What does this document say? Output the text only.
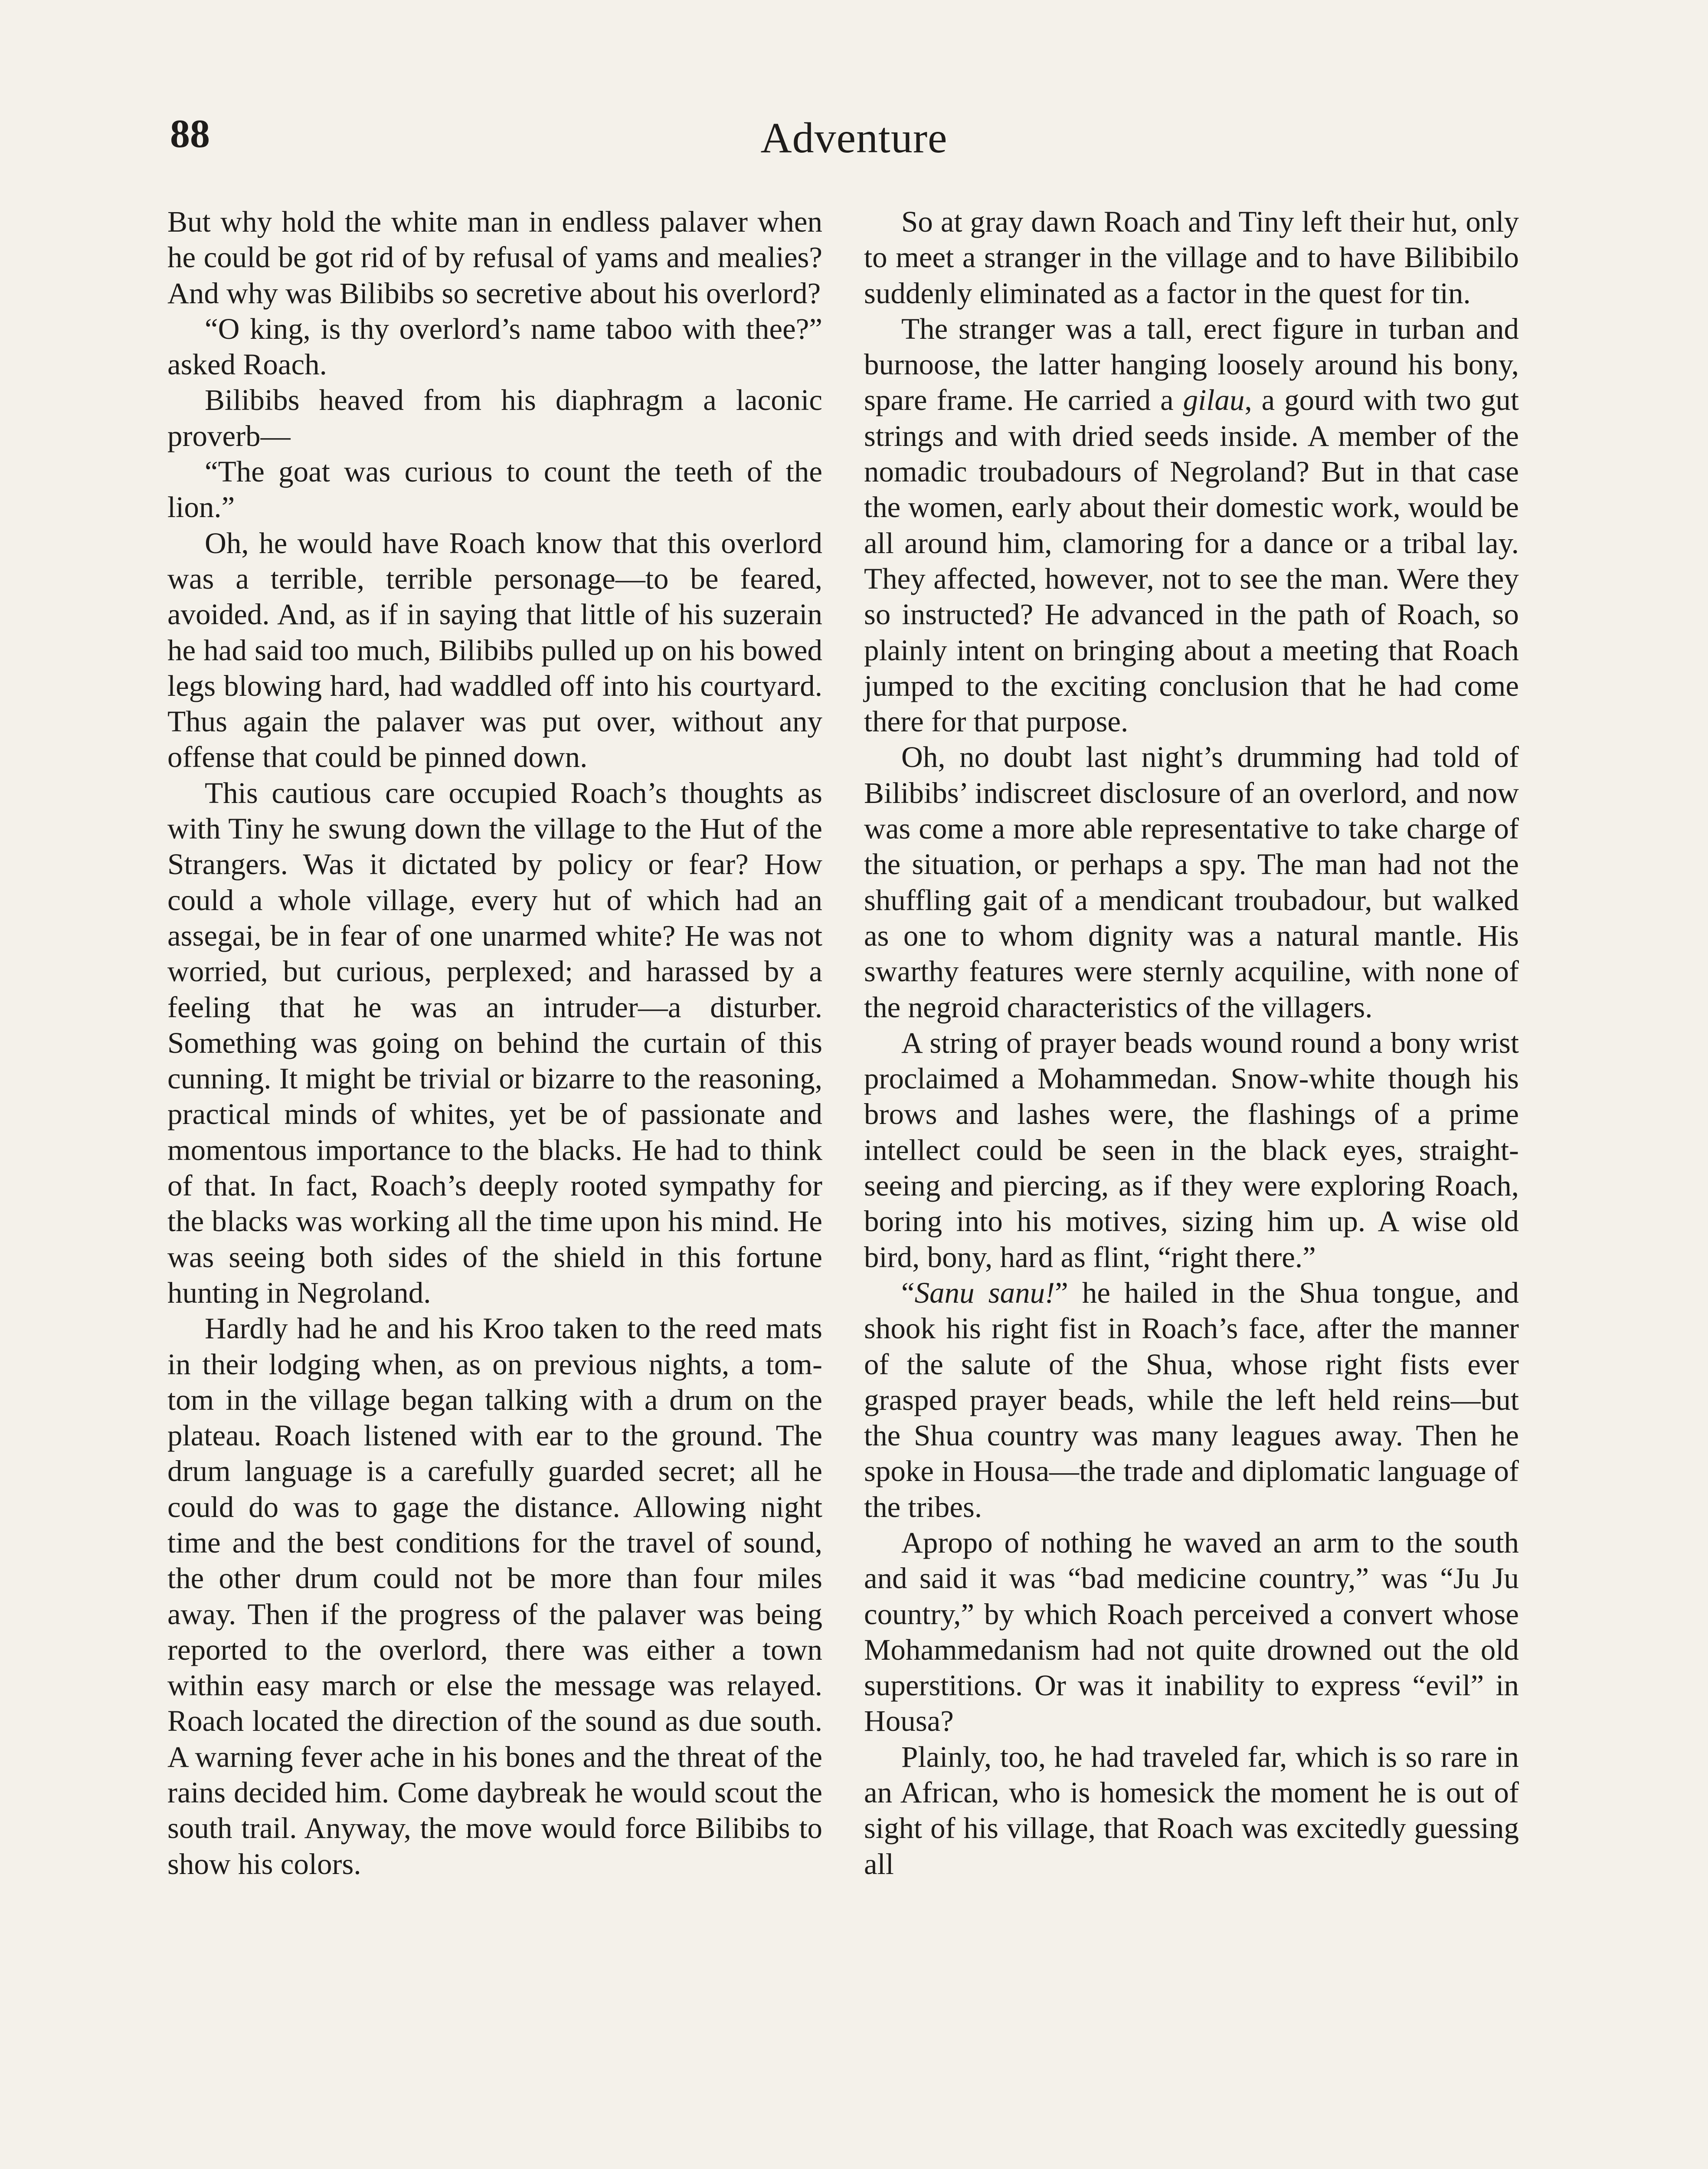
88	Adventure

But why hold the white man in endless palaver when he could be got rid of by refusal of yams and mealies? And why was Bilibibs so secretive about his overlord?

“O king, is thy overlord’s name taboo with thee?” asked Roach.

Bilibibs heaved from his diaphragm a laconic proverb—

“The goat was curious to count the teeth of the lion.”

Oh, he would have Roach know that this overlord was a terrible, terrible personage—to be feared, avoided. And, as if in saying that little of his suzerain he had said too much, Bilibibs pulled up on his bowed legs blowing hard, had waddled off into his courtyard. Thus again the palaver was put over, without any offense that could be pinned down.

This cautious care occupied Roach’s thoughts as with Tiny he swung down the village to the Hut of the Strangers. Was it dictated by policy or fear? How could a whole village, every hut of which had an assegai, be in fear of one unarmed white? He was not worried, but curious, perplexed; and harassed by a feeling that he was an intruder—a disturber. Something was going on behind the curtain of this cunning. It might be trivial or bizarre to the reasoning, practical minds of whites, yet be of passionate and momentous importance to the blacks. He had to think of that. In fact, Roach’s deeply rooted sympathy for the blacks was working all the time upon his mind. He was seeing both sides of the shield in this fortune hunting in Negroland.

Hardly had he and his Kroo taken to the reed mats in their lodging when, as on previous nights, a tom-tom in the village began talking with a drum on the plateau. Roach listened with ear to the ground. The drum language is a carefully guarded secret; all he could do was to gage the distance. Allowing night time and the best conditions for the travel of sound, the other drum could not be more than four miles away. Then if the progress of the palaver was being reported to the overlord, there was either a town within easy march or else the message was relayed. Roach located the direction of the sound as due south. A warning fever ache in his bones and the threat of the rains decided him. Come daybreak he would scout the south trail. Anyway, the move would force Bilibibs to show his colors.

So at gray dawn Roach and Tiny left their hut, only to meet a stranger in the village and to have Bilibibilo suddenly eliminated as a factor in the quest for tin.

The stranger was a tall, erect figure in turban and burnoose, the latter hanging loosely around his bony, spare frame. He carried a gilau, a gourd with two gut strings and with dried seeds inside. A member of the nomadic troubadours of Negroland? But in that case the women, early about their domestic work, would be all around him, clamoring for a dance or a tribal lay. They affected, however, not to see the man. Were they so instructed? He advanced in the path of Roach, so plainly intent on bringing about a meeting that Roach jumped to the exciting conclusion that he had come there for that purpose.

Oh, no doubt last night’s drumming had told of Bilibibs’ indiscreet disclosure of an overlord, and now was come a more able representative to take charge of the situation, or perhaps a spy. The man had not the shuffling gait of a mendicant troubadour, but walked as one to whom dignity was a natural mantle. His swarthy features were sternly acquiline, with none of the negroid characteristics of the villagers.

A string of prayer beads wound round a bony wrist proclaimed a Mohammedan. Snow-white though his brows and lashes were, the flashings of a prime intellect could be seen in the black eyes, straight-seeing and piercing, as if they were exploring Roach, boring into his motives, sizing him up. A wise old bird, bony, hard as flint, “right there.”

“Sanu sanu!” he hailed in the Shua tongue, and shook his right fist in Roach’s face, after the manner of the salute of the Shua, whose right fists ever grasped prayer beads, while the left held reins—but the Shua country was many leagues away. Then he spoke in Housa—the trade and diplomatic language of the tribes.

Apropo of nothing he waved an arm to the south and said it was “bad medicine country,” was “Ju Ju country,” by which Roach perceived a convert whose Mohammedanism had not quite drowned out the old superstitions. Or was it inability to express “evil” in Housa?

Plainly, too, he had traveled far, which is so rare in an African, who is homesick the moment he is out of sight of his village, that Roach was excitedly guessing all
